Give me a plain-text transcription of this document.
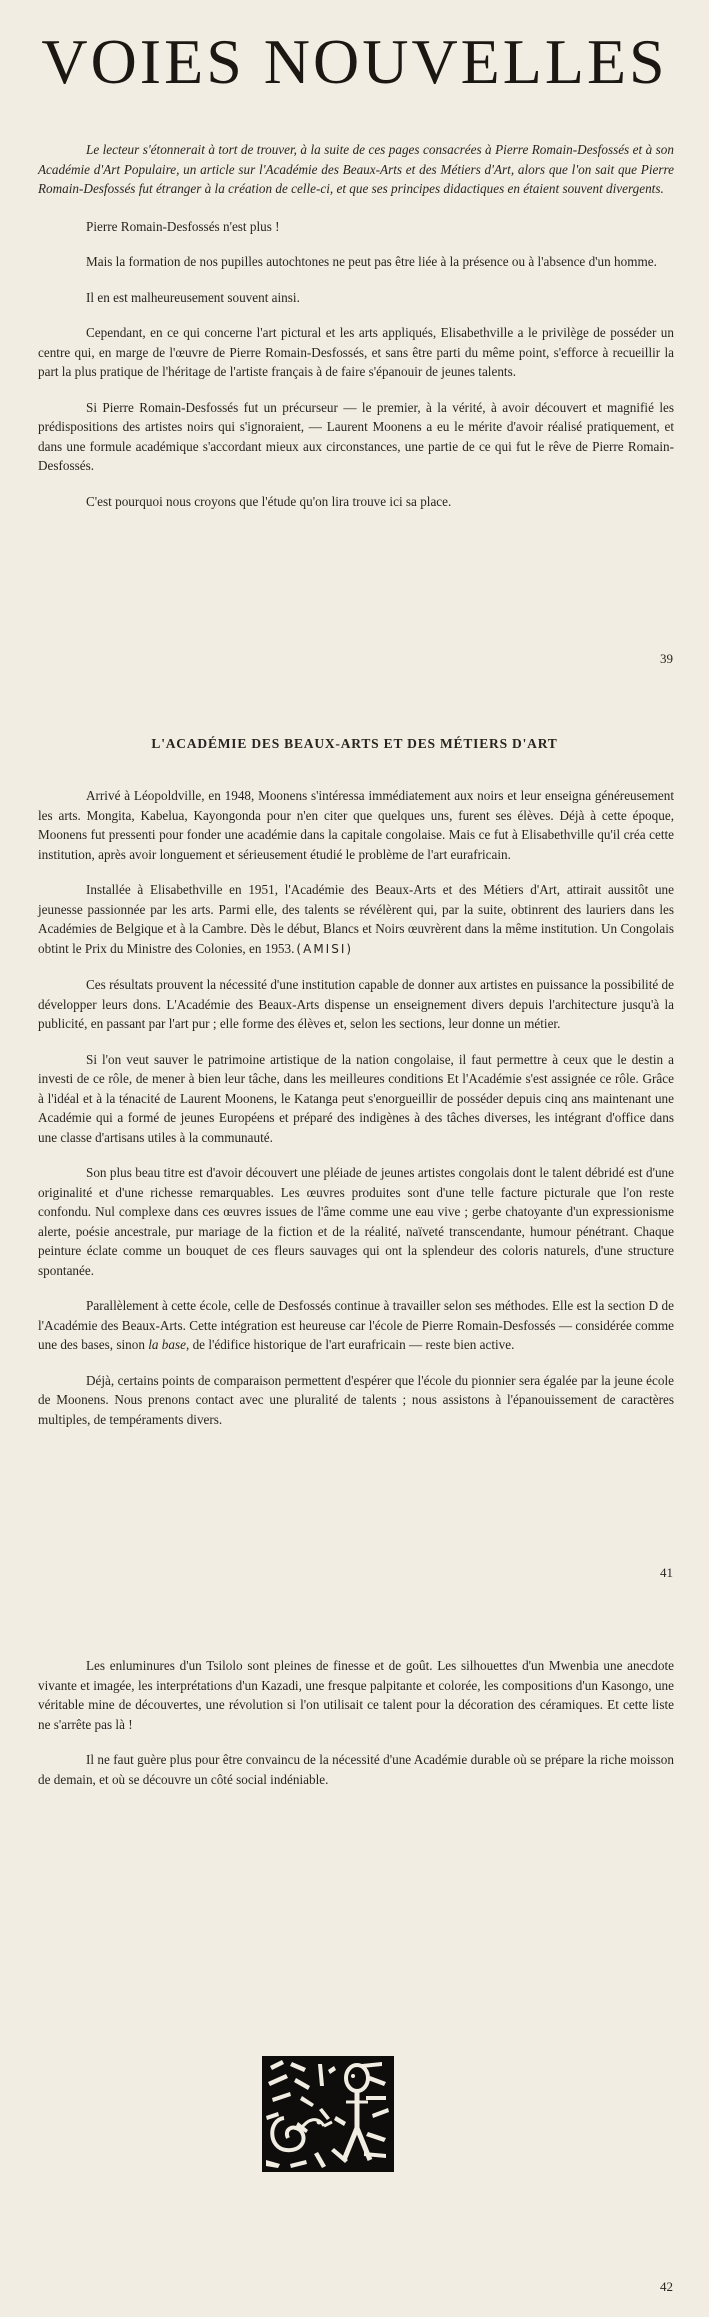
VOIES NOUVELLES

Le lecteur s'étonnerait à tort de trouver, à la suite de ces pages consacrées à Pierre Romain-Desfossés et à son Académie d'Art Populaire, un article sur l'Académie des Beaux-Arts et des Métiers d'Art, alors que l'on sait que Pierre Romain-Desfossés fut étranger à la création de celle-ci, et que ses principes didactiques en étaient souvent divergents.

Pierre Romain-Desfossés n'est plus !

Mais la formation de nos pupilles autochtones ne peut pas être liée à la présence ou à l'absence d'un homme.

Il en est malheureusement souvent ainsi.

Cependant, en ce qui concerne l'art pictural et les arts appliqués, Elisabethville a le privilège de posséder un centre qui, en marge de l'œuvre de Pierre Romain-Desfossés, et sans être parti du même point, s'efforce à recueillir la part la plus pratique de l'héritage de l'artiste français à de faire s'épanouir de jeunes talents.

Si Pierre Romain-Desfossés fut un précurseur — le premier, à la vérité, à avoir découvert et magnifié les prédispositions des artistes noirs qui s'ignoraient, — Laurent Moonens a eu le mérite d'avoir réalisé pratiquement, et dans une formule académique s'accordant mieux aux circonstances, une partie de ce qui fut le rêve de Pierre Romain-Desfossés.

C'est pourquoi nous croyons que l'étude qu'on lira trouve ici sa place.

39
L'ACADÉMIE DES BEAUX-ARTS ET DES MÉTIERS D'ART

Arrivé à Léopoldville, en 1948, Moonens s'intéressa immédiatement aux noirs et leur enseigna généreusement les arts. Mongita, Kabelua, Kayongonda pour n'en citer que quelques uns, furent ses élèves. Déjà à cette époque, Moonens fut pressenti pour fonder une académie dans la capitale congolaise. Mais ce fut à Elisabethville qu'il créa cette institution, après avoir longuement et sérieusement étudié le problème de l'art eurafricain.

Installée à Elisabethville en 1951, l'Académie des Beaux-Arts et des Métiers d'Art, attirait aussitôt une jeunesse passionnée par les arts. Parmi elle, des talents se révélèrent qui, par la suite, obtinrent des lauriers dans les Académies de Belgique et à la Cambre. Dès le début, Blancs et Noirs œuvrèrent dans la même institution. Un Congolais obtint le Prix du Ministre des Colonies, en 1953. (AMISI)

Ces résultats prouvent la nécessité d'une institution capable de donner aux artistes en puissance la possibilité de développer leurs dons. L'Académie des Beaux-Arts dispense un enseignement divers depuis l'architecture jusqu'à la publicité, en passant par l'art pur ; elle forme des élèves et, selon les sections, leur donne un métier.

Si l'on veut sauver le patrimoine artistique de la nation congolaise, il faut permettre à ceux que le destin a investi de ce rôle, de mener à bien leur tâche, dans les meilleures conditions Et l'Académie s'est assignée ce rôle. Grâce à l'idéal et à la ténacité de Laurent Moonens, le Katanga peut s'enorgueillir de posséder depuis cinq ans maintenant une Académie qui a formé de jeunes Européens et préparé des indigènes à des tâches diverses, les intégrant d'office dans une classe d'artisans utiles à la communauté.

Son plus beau titre est d'avoir découvert une pléiade de jeunes artistes congolais dont le talent débridé est d'une originalité et d'une richesse remarquables. Les œuvres produites sont d'une telle facture picturale que l'on reste confondu. Nul complexe dans ces œuvres issues de l'âme comme une eau vive ; gerbe chatoyante d'un expressionisme alerte, poésie ancestrale, pur mariage de la fiction et de la réalité, naïveté transcendante, humour pénétrant. Chaque peinture éclate comme un bouquet de ces fleurs sauvages qui ont la splendeur des coloris naturels, d'une structure spontanée.

Parallèlement à cette école, celle de Desfossés continue à travailler selon ses méthodes. Elle est la section D de l'Académie des Beaux-Arts. Cette intégration est heureuse car l'école de Pierre Romain-Desfossés — considérée comme une des bases, sinon la base, de l'édifice historique de l'art eurafricain — reste bien active.

Déjà, certains points de comparaison permettent d'espérer que l'école du pionnier sera égalée par la jeune école de Moonens. Nous prenons contact avec une pluralité de talents ; nous assistons à l'épanouissement de caractères multiples, de tempéraments divers.

41

Les enluminures d'un Tsilolo sont pleines de finesse et de goût. Les silhouettes d'un Mwenbia une anecdote vivante et imagée, les interprétations d'un Kazadi, une fresque palpitante et colorée, les compositions d'un Kasongo, une véritable mine de découvertes, une révolution si l'on utilisait ce talent pour la décoration des céramiques. Et cette liste ne s'arrête pas là !

Il ne faut guère plus pour être convaincu de la nécessité d'une Académie durable où se prépare la riche moisson de demain, et où se découvre un côté social indéniable.

42
